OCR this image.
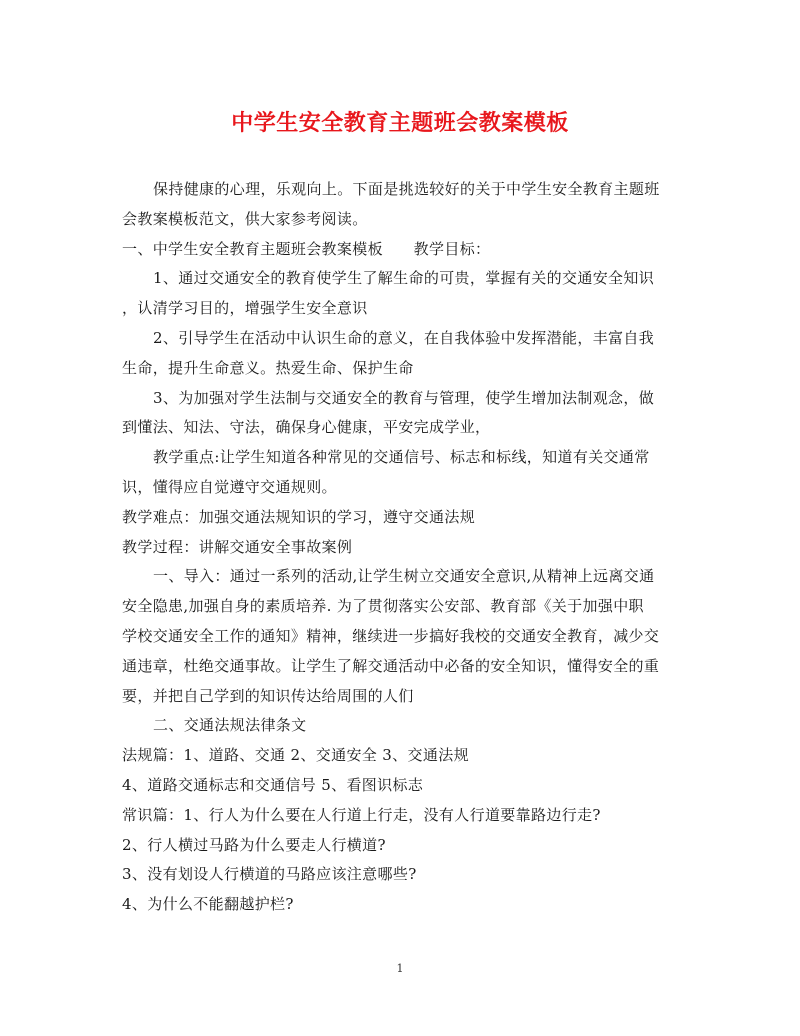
中学生安全教育主题班会教案模板

保持健康的心理，乐观向上。下面是挑选较好的关于中学生安全教育主题班

会教案模板范文，供大家参考阅读。

一、中学生安全教育主题班会教案模板　　教学目标：

1、通过交通安全的教育使学生了解生命的可贵，掌握有关的交通安全知识

，认清学习目的，增强学生安全意识

2、引导学生在活动中认识生命的意义，在自我体验中发挥潜能，丰富自我

生命，提升生命意义。热爱生命、保护生命

3、为加强对学生法制与交通安全的教育与管理，使学生增加法制观念，做

到懂法、知法、守法，确保身心健康，平安完成学业，

教学重点:让学生知道各种常见的交通信号、标志和标线，知道有关交通常

识，懂得应自觉遵守交通规则。

教学难点：加强交通法规知识的学习，遵守交通法规

教学过程：讲解交通安全事故案例

一、导入：通过一系列的活动,让学生树立交通安全意识,从精神上远离交通

安全隐患,加强自身的素质培养. 为了贯彻落实公安部、教育部《关于加强中职

学校交通安全工作的通知》精神，继续进一步搞好我校的交通安全教育，减少交

通违章，杜绝交通事故。让学生了解交通活动中必备的安全知识，懂得安全的重

要，并把自己学到的知识传达给周围的人们

二、交通法规法律条文

法规篇：1、道路、交通 2、交通安全 3、交通法规

4、道路交通标志和交通信号 5、看图识标志

常识篇：1、行人为什么要在人行道上行走，没有人行道要靠路边行走?

2、行人横过马路为什么要走人行横道?

3、没有划设人行横道的马路应该注意哪些?

4、为什么不能翻越护栏?

1
